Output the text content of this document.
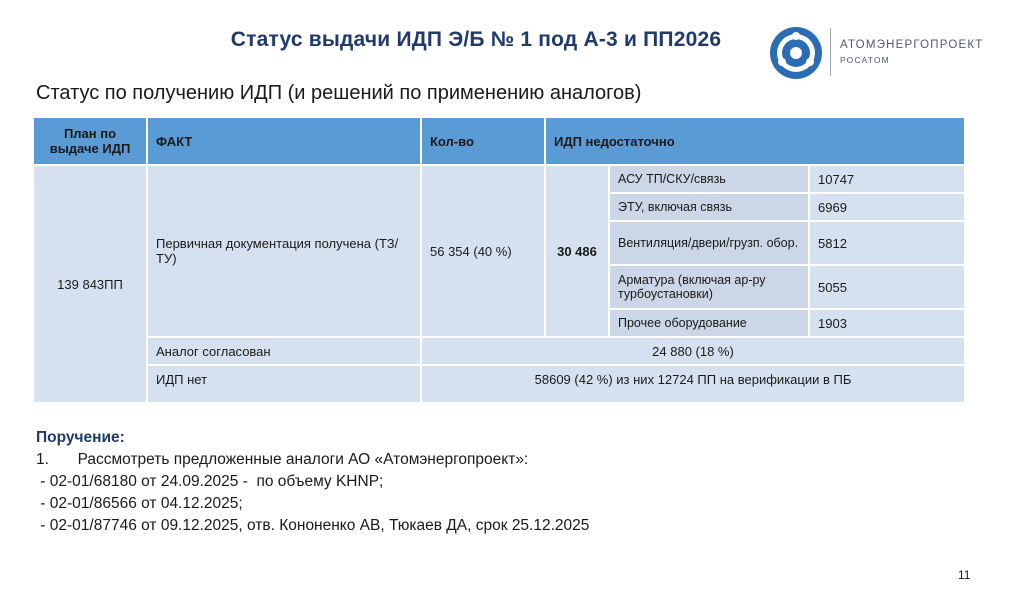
Статус выдачи ИДП Э/Б № 1 под А-3 и ПП2026	АТОМЭНЕРГОПРОЕКТ
РОСАТОМ
Статус по получению ИДП (и решений по применению аналогов)
План по выдаче ИДП	ФАКТ	Кол-во	ИДП недостаточно		
139 843ПП	Первичная документация получена (ТЗ/ТУ)	56 354 (40 %)	30 486	АСУ ТП/СКУ/связь	10747
				ЭТУ, включая связь	6969
				Вентиляция/двери/грузп. обор.	5812
				Арматура (включая ар-ру турбоустановки)	5055
				Прочее оборудование	1903
	Аналог согласован	24 880 (18 %)			
	ИДП нет	58609 (42 %) из них 12724 ПП на верификации в ПБ			
Поручение:
1. Рассмотреть предложенные аналоги АО «Атомэнергопроект»:
- 02-01/68180 от 24.09.2025 -  по объему KHNP;
- 02-01/86566 от 04.12.2025;
- 02-01/87746 от 09.12.2025, отв. Кононенко АВ, Тюкаев ДА, срок 25.12.2025
11
